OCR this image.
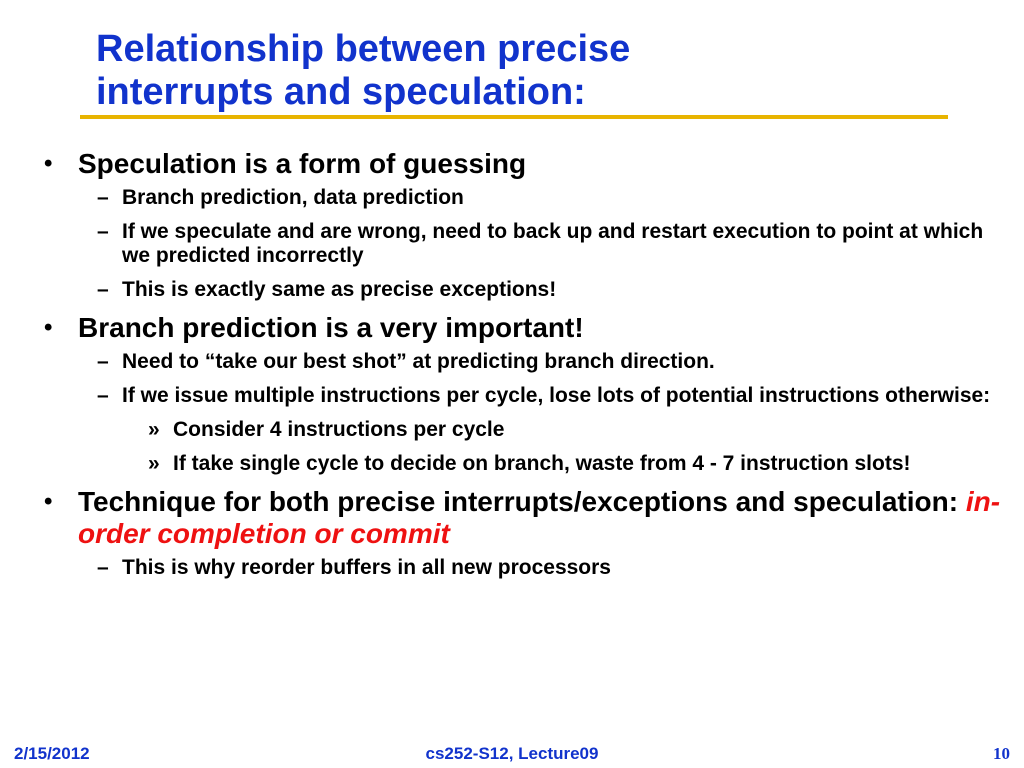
Relationship between precise
interrupts and speculation:
• Speculation is a form of guessing
– Branch prediction, data prediction
– If we speculate and are wrong, need to back up and restart execution to point at which we predicted incorrectly
– This is exactly same as precise exceptions!
• Branch prediction is a very important!
– Need to “take our best shot” at predicting branch direction.
– If we issue multiple instructions per cycle, lose lots of potential instructions otherwise:
» Consider 4 instructions per cycle
» If take single cycle to decide on branch, waste from 4 - 7 instruction slots!
• Technique for both precise interrupts/exceptions and speculation: in-order completion or commit
– This is why reorder buffers in all new processors
cs252-S12, Lecture09
2/15/2012	10
